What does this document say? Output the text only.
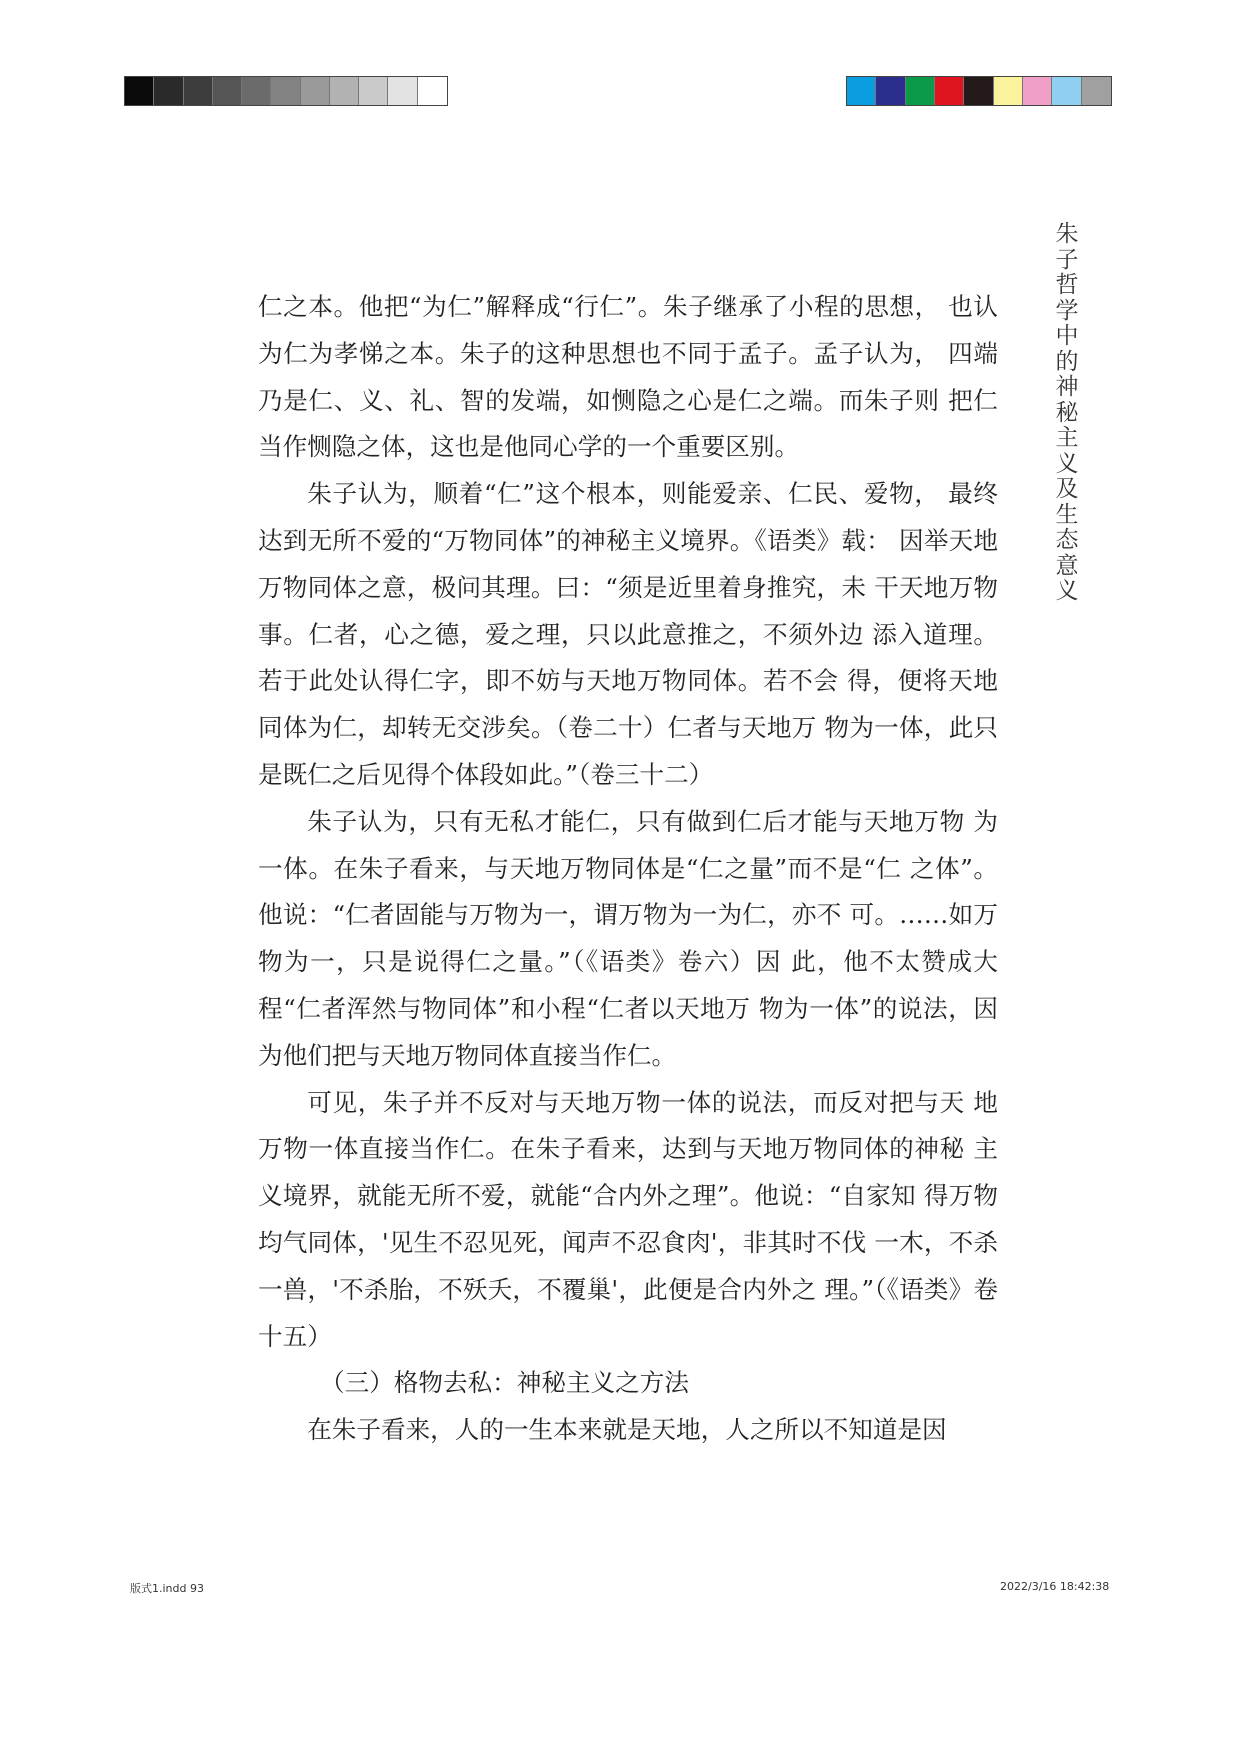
朱
子
哲
学
中
的
神
秘
主
义
及
生
态
意
义

仁之本。他把“为仁”解释成“行仁”。朱子继承了小程的思想， 也认为仁为孝悌之本。朱子的这种思想也不同于孟子。孟子认为， 四端乃是仁、义、礼、智的发端，如恻隐之心是仁之端。而朱子则 把仁当作恻隐之体，这也是他同心学的一个重要区别。

朱子认为，顺着“仁”这个根本，则能爱亲、仁民、爱物， 最终达到无所不爱的“万物同体”的神秘主义境界。《语类》载： 因举天地万物同体之意，极问其理。曰：“须是近里着身推究，未 干天地万物事。仁者，心之德，爱之理，只以此意推之，不须外边 添入道理。若于此处认得仁字，即不妨与天地万物同体。若不会 得，便将天地同体为仁，却转无交涉矣。（卷二十）仁者与天地万 物为一体，此只是既仁之后见得个体段如此。”（卷三十二）

朱子认为，只有无私才能仁，只有做到仁后才能与天地万物 为一体。在朱子看来，与天地万物同体是“仁之量”而不是“仁 之体”。他说：“仁者固能与万物为一，谓万物为一为仁，亦不 可。……如万物为一，只是说得仁之量。”（《语类》卷六）因 此，他不太赞成大程“仁者浑然与物同体”和小程“仁者以天地万 物为一体”的说法，因为他们把与天地万物同体直接当作仁。

可见，朱子并不反对与天地万物一体的说法，而反对把与天 地万物一体直接当作仁。在朱子看来，达到与天地万物同体的神秘 主义境界，就能无所不爱，就能“合内外之理”。他说：“自家知 得万物均气同体，'见生不忍见死，闻声不忍食肉'，非其时不伐 一木，不杀一兽，'不杀胎，不殀夭，不覆巢'，此便是合内外之 理。”（《语类》卷十五）

（三）格物去私：神秘主义之方法

在朱子看来，人的一生本来就是天地，人之所以不知道是因

版式1.indd 93	2022/3/16 18:42:38
